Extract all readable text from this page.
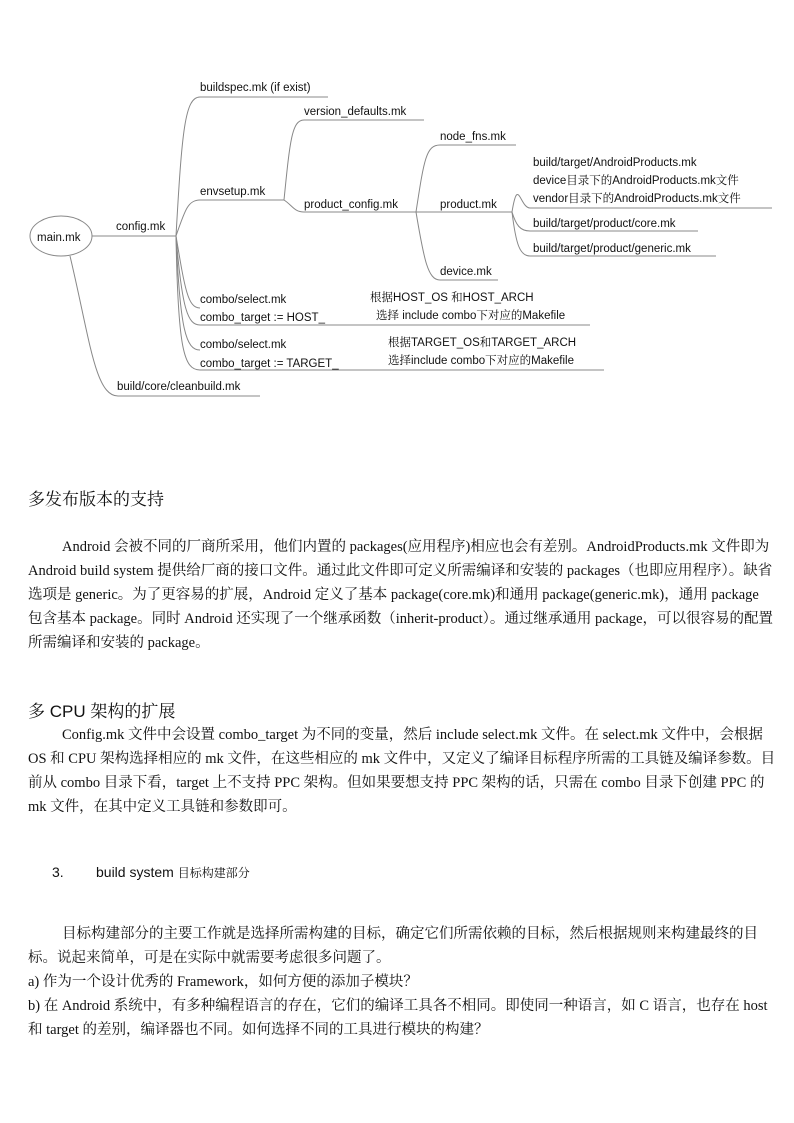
main.mk
config.mk
build/core/cleanbuild.mk
buildspec.mk (if exist)
envsetup.mk
combo/select.mk
combo_target := HOST_
combo/select.mk
combo_target := TARGET_
根据HOST_OS 和HOST_ARCH
选择 include combo下对应的Makefile
根据TARGET_OS和TARGET_ARCH
选择include combo下对应的Makefile
version_defaults.mk
product_config.mk
node_fns.mk
product.mk
device.mk
build/target/AndroidProducts.mk
device目录下的AndroidProducts.mk文件
vendor目录下的AndroidProducts.mk文件
build/target/product/core.mk
build/target/product/generic.mk
多发布版本的支持

Android 会被不同的厂商所采用，他们内置的 packages(应用程序)相应也会有差别。AndroidProducts.mk 文件即为 Android build system 提供给厂商的接口文件。通过此文件即可定义所需编译和安装的 packages（也即应用程序）。缺省选项是 generic。为了更容易的扩展，Android 定义了基本 package(core.mk)和通用 package(generic.mk)，通用 package 包含基本 package。同时 Android 还实现了一个继承函数（inherit-product）。通过继承通用 package，可以很容易的配置所需编译和安装的 package。

多 CPU 架构的扩展

Config.mk 文件中会设置 combo_target 为不同的变量，然后 include select.mk 文件。在 select.mk 文件中，会根据 OS 和 CPU 架构选择相应的 mk 文件，在这些相应的 mk 文件中，又定义了编译目标程序所需的工具链及编译参数。目前从 combo 目录下看，target 上不支持 PPC 架构。但如果要想支持 PPC 架构的话，只需在 combo 目录下创建 PPC 的 mk 文件，在其中定义工具链和参数即可。

3. build system 目标构建部分

目标构建部分的主要工作就是选择所需构建的目标，确定它们所需依赖的目标，然后根据规则来构建最终的目标。说起来简单，可是在实际中就需要考虑很多问题了。

a) 作为一个设计优秀的 Framework，如何方便的添加子模块？

b) 在 Android 系统中，有多种编程语言的存在，它们的编译工具各不相同。即使同一种语言，如 C 语言，也存在 host 和 target 的差别，编译器也不同。如何选择不同的工具进行模块的构建？
